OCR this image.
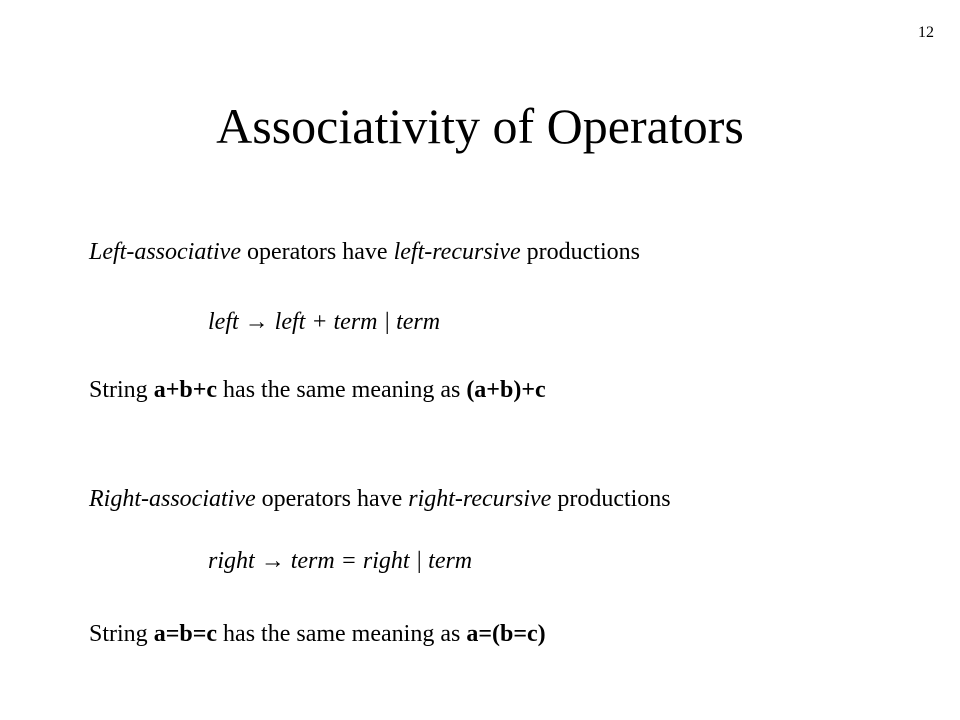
12
Associativity of Operators
Left-associative operators have left-recursive productions
left → left + term | term
String a+b+c has the same meaning as (a+b)+c
Right-associative operators have right-recursive productions
right → term = right | term
String a=b=c has the same meaning as a=(b=c)
